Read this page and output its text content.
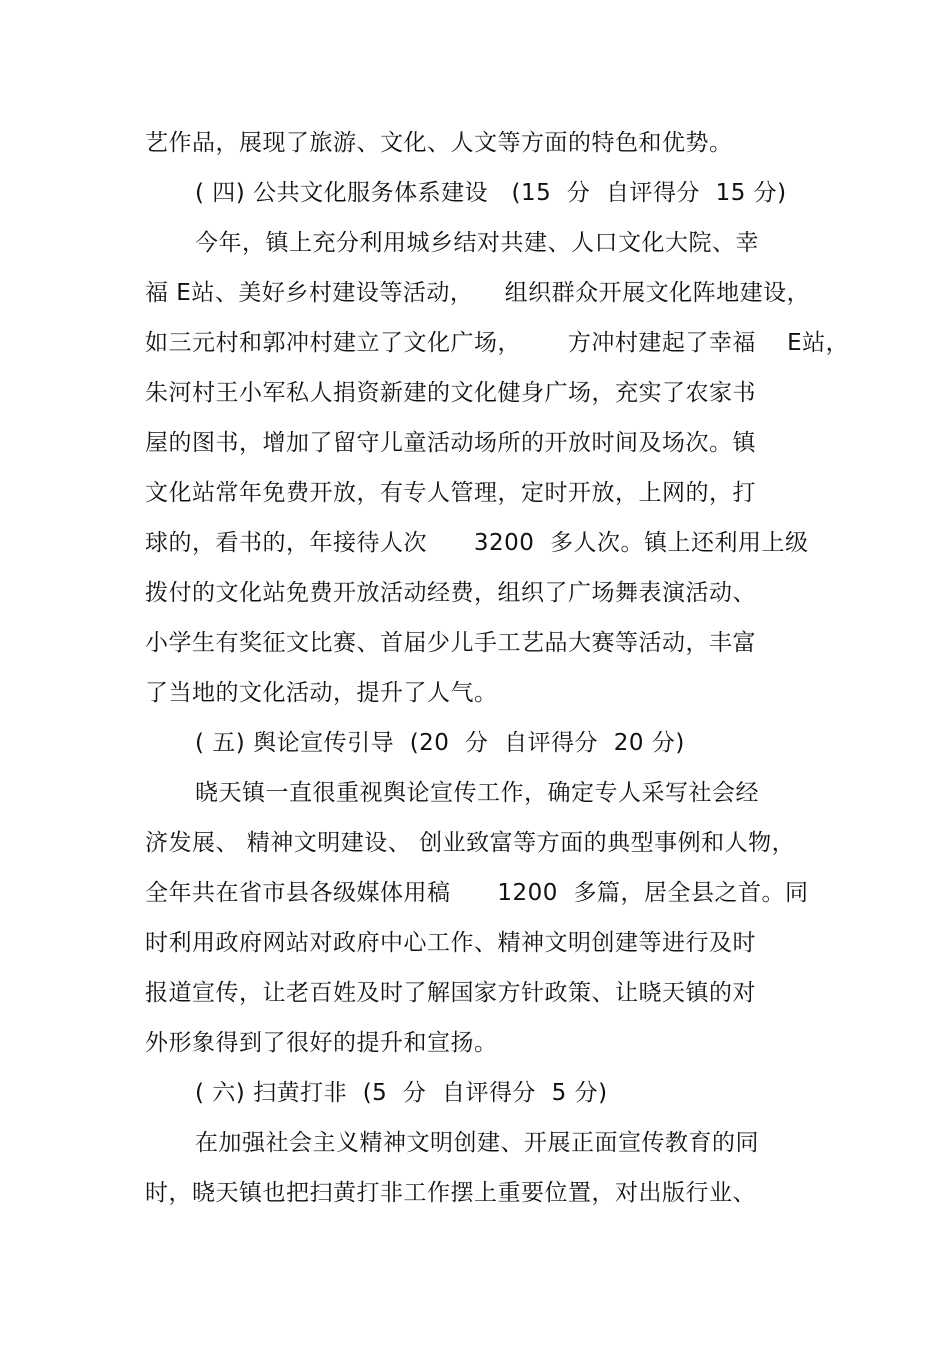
艺作品，展现了旅游、文化、人文等方面的特色和优势。
( 四) 公共文化服务体系建设   (15  分  自评得分  15 分)
今年，镇上充分利用城乡结对共建、人口文化大院、幸
福 E站、美好乡村建设等活动，    组织群众开展文化阵地建设，
如三元村和郭冲村建立了文化广场，      方冲村建起了幸福    E站，
朱河村王小军私人捐资新建的文化健身广场，充实了农家书
屋的图书，增加了留守儿童活动场所的开放时间及场次。镇
文化站常年免费开放，有专人管理，定时开放，上网的，打
球的，看书的，年接待人次      3200  多人次。镇上还利用上级
拨付的文化站免费开放活动经费，组织了广场舞表演活动、
小学生有奖征文比赛、首届少儿手工艺品大赛等活动，丰富
了当地的文化活动，提升了人气。
( 五) 舆论宣传引导  (20  分  自评得分  20 分)
晓天镇一直很重视舆论宣传工作，确定专人采写社会经
济发展、 精神文明建设、 创业致富等方面的典型事例和人物，
全年共在省市县各级媒体用稿      1200  多篇，居全县之首。同
时利用政府网站对政府中心工作、精神文明创建等进行及时
报道宣传，让老百姓及时了解国家方针政策、让晓天镇的对
外形象得到了很好的提升和宣扬。
( 六) 扫黄打非  (5  分  自评得分  5 分)
在加强社会主义精神文明创建、开展正面宣传教育的同
时，晓天镇也把扫黄打非工作摆上重要位置，对出版行业、
